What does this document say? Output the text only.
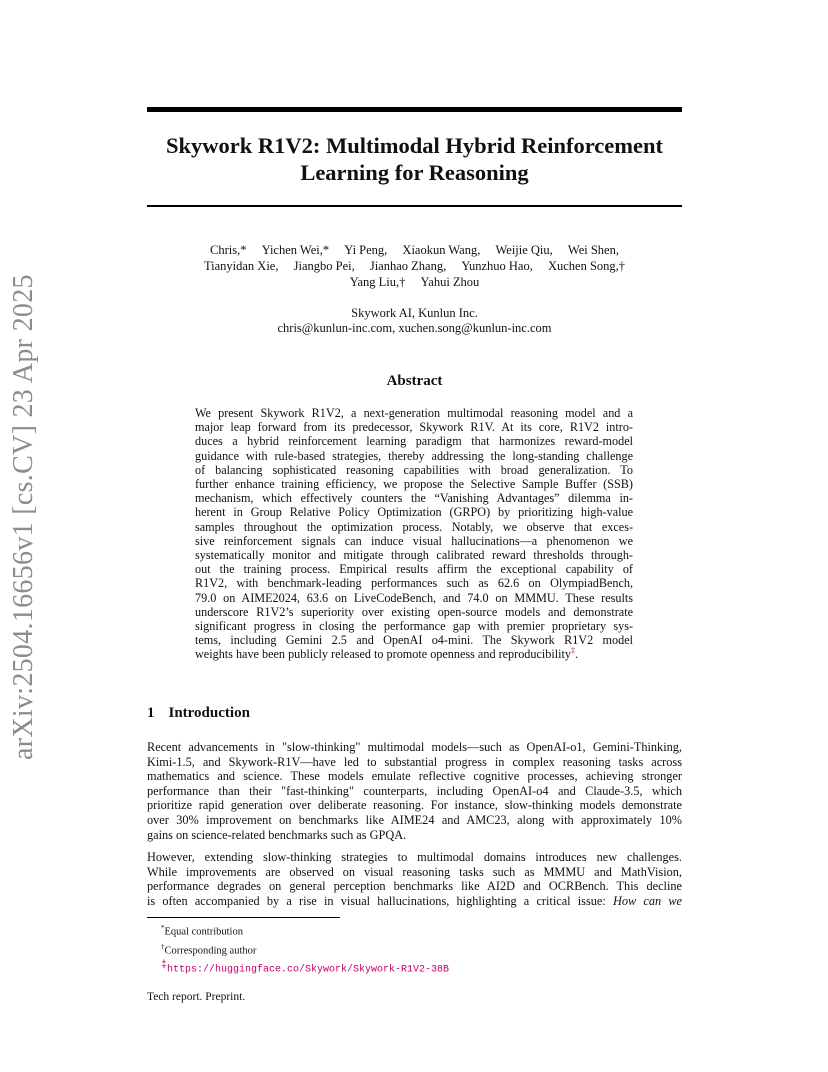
arXiv:2504.16656v1 [cs.CV] 23 Apr 2025
Skywork R1V2: Multimodal Hybrid Reinforcement
Learning for Reasoning
Chris,* Yichen Wei,* Yi Peng, Xiaokun Wang, Weijie Qiu, Wei Shen,
Tianyidan Xie, Jiangbo Pei, Jianhao Zhang, Yunzhuo Hao, Xuchen Song,†
Yang Liu,† Yahui Zhou
Skywork AI, Kunlun Inc.
chris@kunlun-inc.com, xuchen.song@kunlun-inc.com
Abstract
We present Skywork R1V2, a next-generation multimodal reasoning model and a
major leap forward from its predecessor, Skywork R1V. At its core, R1V2 intro-
duces a hybrid reinforcement learning paradigm that harmonizes reward-model
guidance with rule-based strategies, thereby addressing the long-standing challenge
of balancing sophisticated reasoning capabilities with broad generalization. To
further enhance training efficiency, we propose the Selective Sample Buffer (SSB)
mechanism, which effectively counters the “Vanishing Advantages” dilemma in-
herent in Group Relative Policy Optimization (GRPO) by prioritizing high-value
samples throughout the optimization process. Notably, we observe that exces-
sive reinforcement signals can induce visual hallucinations—a phenomenon we
systematically monitor and mitigate through calibrated reward thresholds through-
out the training process. Empirical results affirm the exceptional capability of
R1V2, with benchmark-leading performances such as 62.6 on OlympiadBench,
79.0 on AIME2024, 63.6 on LiveCodeBench, and 74.0 on MMMU. These results
underscore R1V2’s superiority over existing open-source models and demonstrate
significant progress in closing the performance gap with premier proprietary sys-
tems, including Gemini 2.5 and OpenAI o4-mini. The Skywork R1V2 model
weights have been publicly released to promote openness and reproducibility‡.
1 Introduction
Recent advancements in "slow-thinking" multimodal models—such as OpenAI-o1, Gemini-Thinking,
Kimi-1.5, and Skywork-R1V—have led to substantial progress in complex reasoning tasks across
mathematics and science. These models emulate reflective cognitive processes, achieving stronger
performance than their "fast-thinking" counterparts, including OpenAI-o4 and Claude-3.5, which
prioritize rapid generation over deliberate reasoning. For instance, slow-thinking models demonstrate
over 30% improvement on benchmarks like AIME24 and AMC23, along with approximately 10%
gains on science-related benchmarks such as GPQA.
However, extending slow-thinking strategies to multimodal domains introduces new challenges.
While improvements are observed on visual reasoning tasks such as MMMU and MathVision,
performance degrades on general perception benchmarks like AI2D and OCRBench. This decline
is often accompanied by a rise in visual hallucinations, highlighting a critical issue: How can we
*Equal contribution
†Corresponding author
‡https://huggingface.co/Skywork/Skywork-R1V2-38B
Tech report. Preprint.
